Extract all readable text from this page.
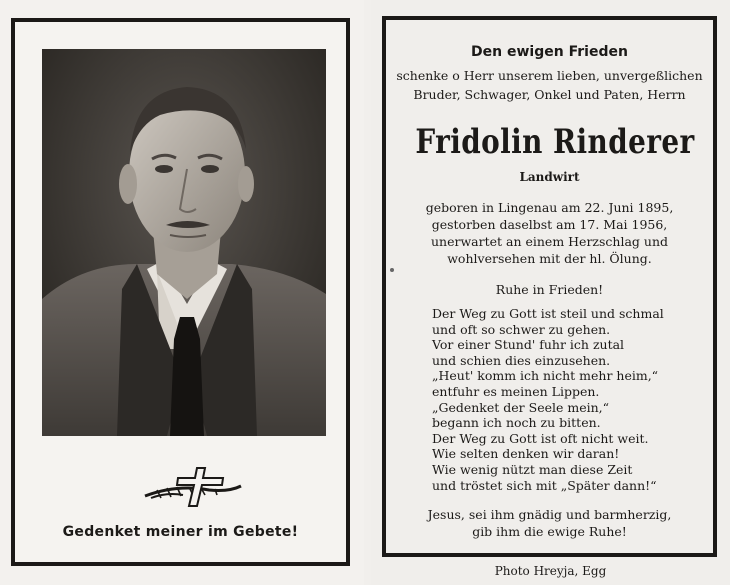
Gedenket meiner im Gebete!
Den ewigen Frieden
schenke o Herr unserem lieben, unvergeßlichen
Bruder, Schwager, Onkel und Paten, Herrn
Fridolin Rinderer
Landwirt
geboren in Lingenau am 22. Juni 1895,
gestorben daselbst am 17. Mai 1956,
unerwartet an einem Herzschlag und
wohlversehen mit der hl. Ölung.
Ruhe in Frieden!
Der Weg zu Gott ist steil und schmal
und oft so schwer zu gehen.
Vor einer Stund' fuhr ich zutal
und schien dies einzusehen.
„Heut' komm ich nicht mehr heim,“
entfuhr es meinen Lippen.
„Gedenket der Seele mein,“
begann ich noch zu bitten.
Der Weg zu Gott ist oft nicht weit.
Wie selten denken wir daran!
Wie wenig nützt man diese Zeit
und tröstet sich mit „Später dann!“
Jesus, sei ihm gnädig und barmherzig,
gib ihm die ewige Ruhe!
Photo Hreyja, Egg
